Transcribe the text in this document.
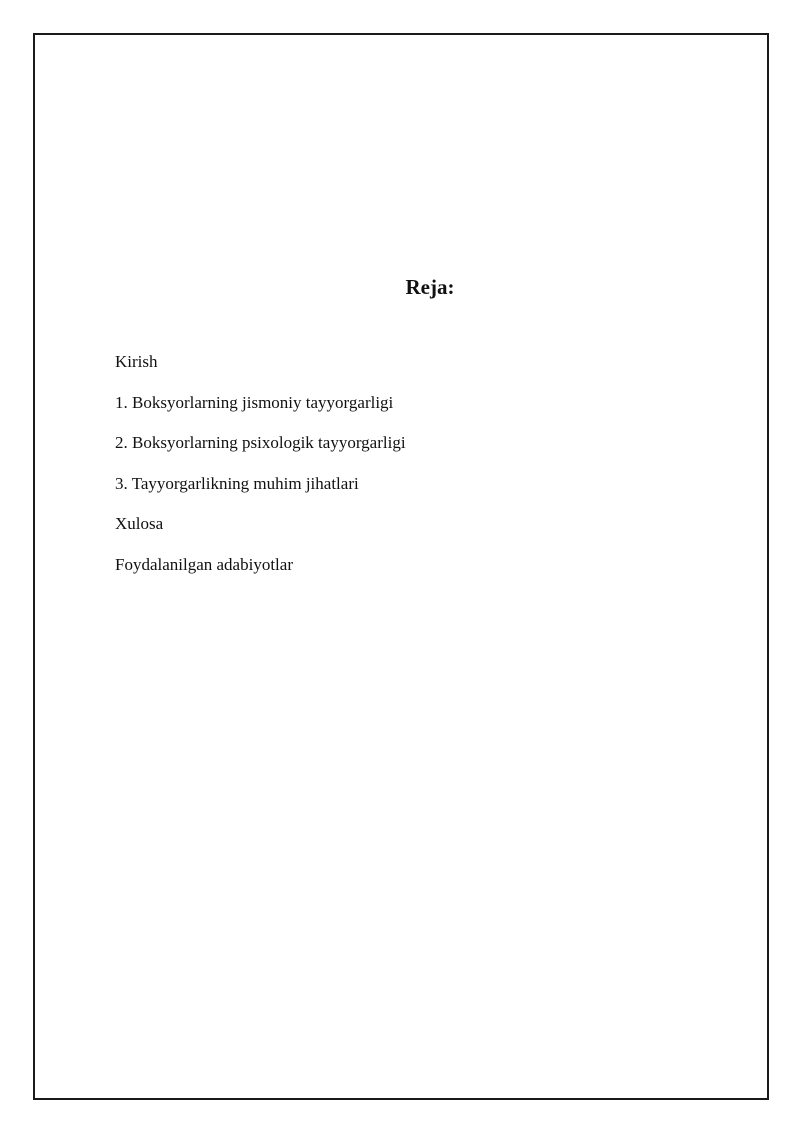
Reja:
Kirish
1. Boksyorlarning jismoniy tayyorgarligi
2. Boksyorlarning psixologik tayyorgarligi
3. Tayyorgarlikning muhim jihatlari
Xulosa
Foydalanilgan adabiyotlar
